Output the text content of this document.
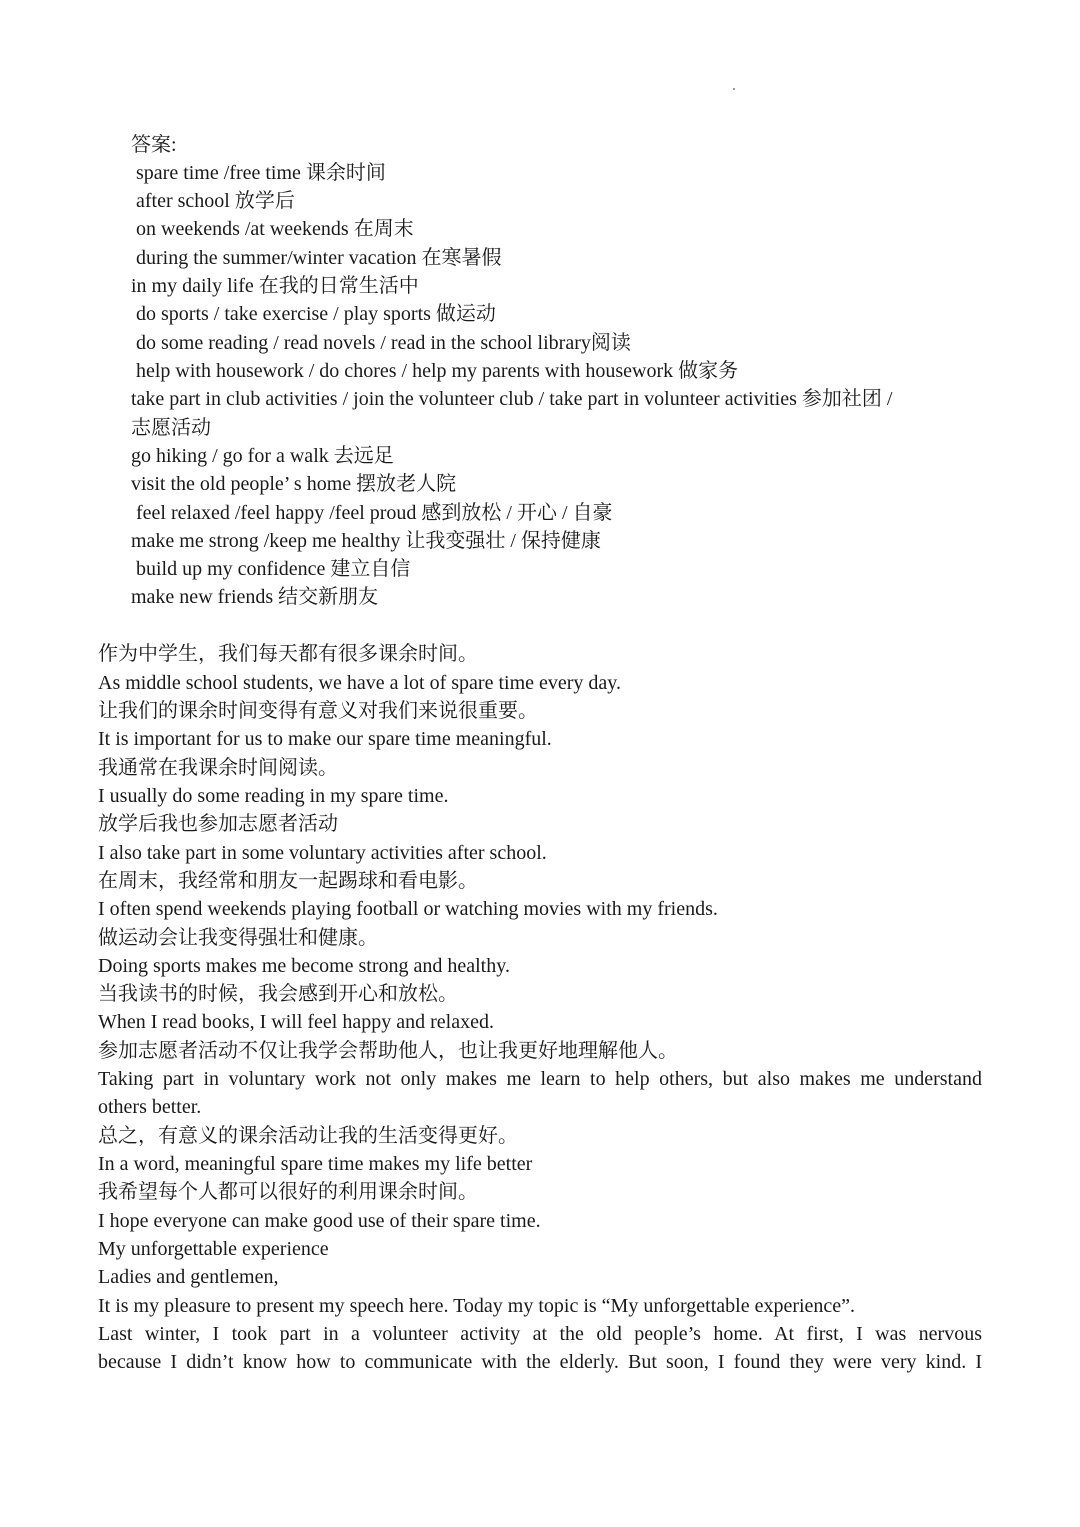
答案:
spare time /free time 课余时间
after school 放学后
on weekends /at weekends 在周末
during the summer/winter vacation 在寒暑假
in my daily life 在我的日常生活中
do sports / take exercise / play sports 做运动
do some reading / read novels / read in the school library阅读
help with housework / do chores / help my parents with housework 做家务
take part in club activities / join the volunteer club / take part in volunteer activities 参加社团 /
志愿活动
go hiking / go for a walk 去远足
visit the old people’ s home 摆放老人院
feel relaxed /feel happy /feel proud 感到放松 / 开心 / 自豪
make me strong /keep me healthy 让我变强壮 / 保持健康
build up my confidence 建立自信
make new friends 结交新朋友
作为中学生，我们每天都有很多课余时间。
As middle school students, we have a lot of spare time every day.
让我们的课余时间变得有意义对我们来说很重要。
It is important for us to make our spare time meaningful.
我通常在我课余时间阅读。
I usually do some reading in my spare time.
放学后我也参加志愿者活动
I also take part in some voluntary activities after school.
在周末，我经常和朋友一起踢球和看电影。
I often spend weekends playing football or watching movies with my friends.
做运动会让我变得强壮和健康。
Doing sports makes me become strong and healthy.
当我读书的时候，我会感到开心和放松。
When I read books, I will feel happy and relaxed.
参加志愿者活动不仅让我学会帮助他人，也让我更好地理解他人。
Taking part in voluntary work not only makes me learn to help others, but also makes me understand
others better.
总之，有意义的课余活动让我的生活变得更好。
In a word, meaningful spare time makes my life better
我希望每个人都可以很好的利用课余时间。
I hope everyone can make good use of their spare time.
My unforgettable experience
Ladies and gentlemen,
It is my pleasure to present my speech here. Today my topic is “My unforgettable experience”.
Last winter, I took part in a volunteer activity at the old people’s home. At first, I was nervous
because I didn’t know how to communicate with the elderly. But soon, I found they were very kind. I
